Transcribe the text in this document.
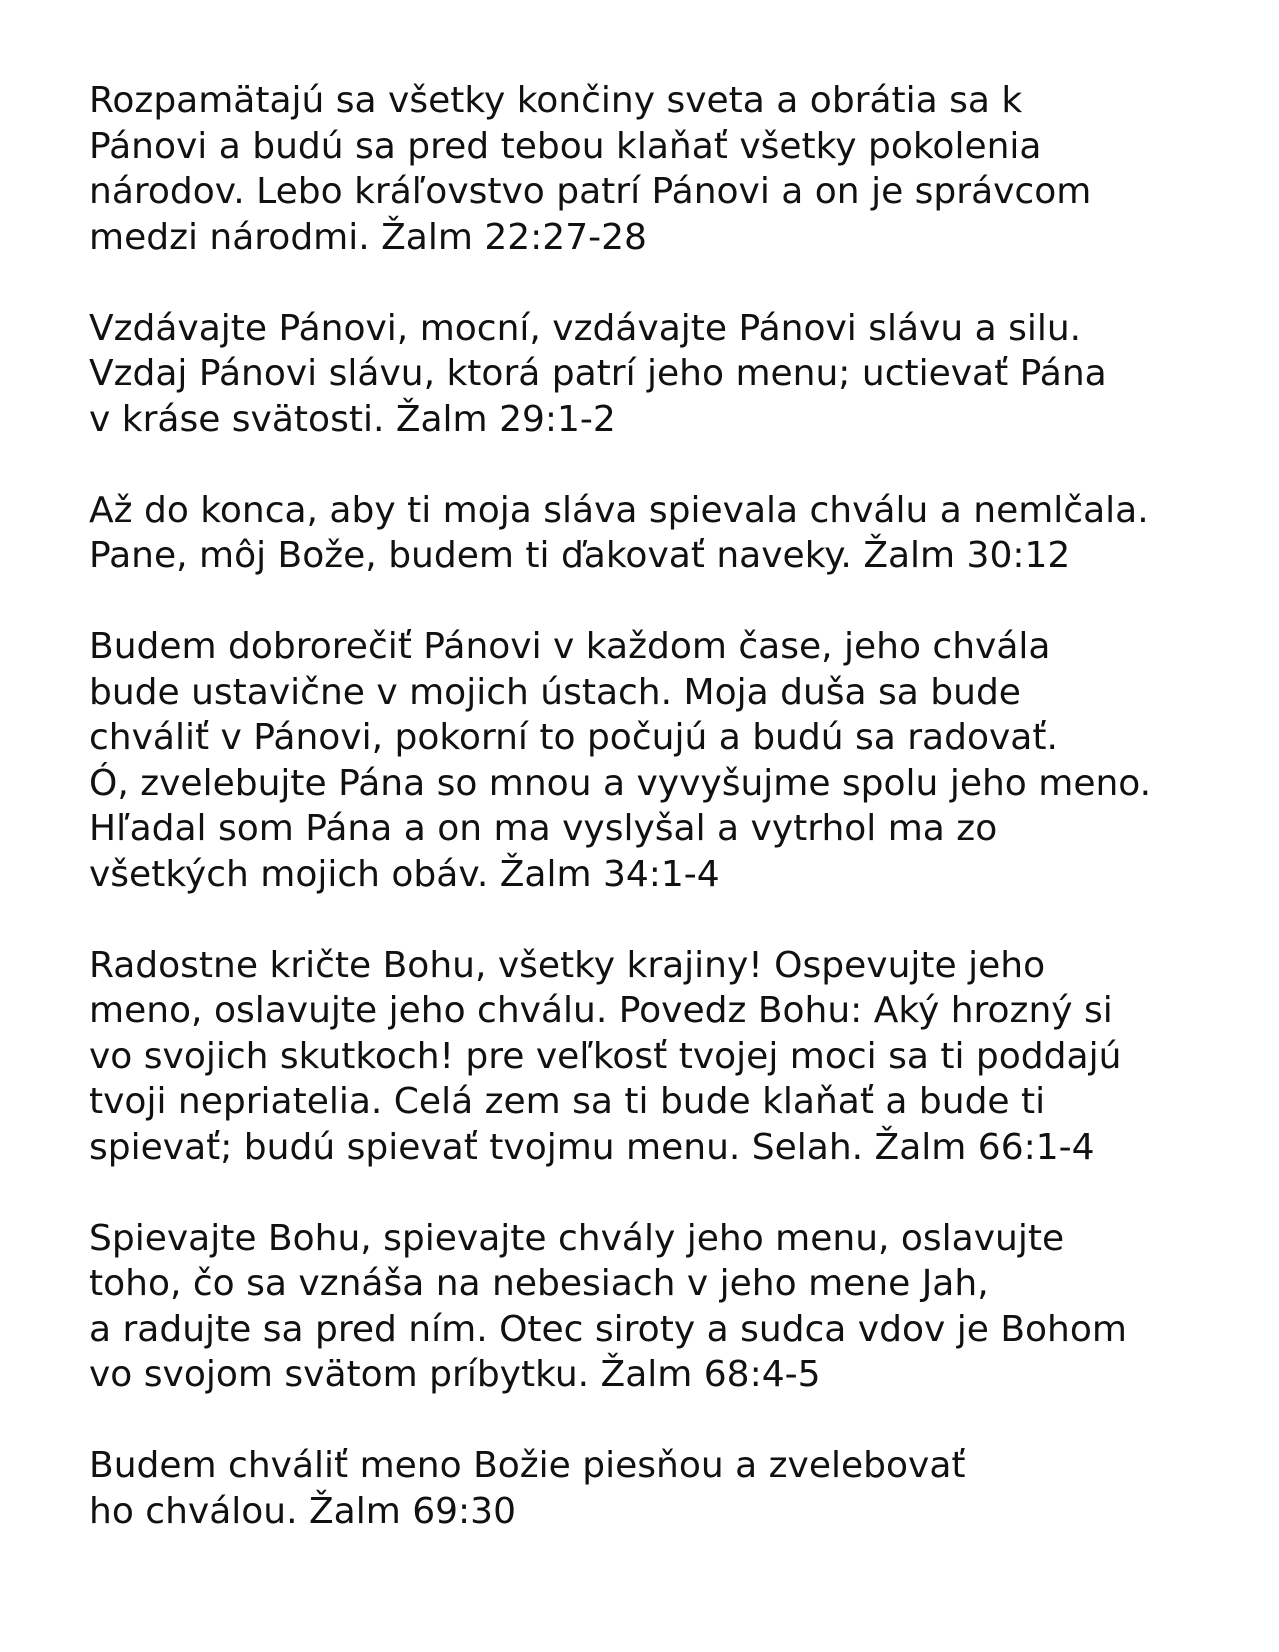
Rozpamätajú sa všetky končiny sveta a obrátia sa k
Pánovi a budú sa pred tebou klaňať všetky pokolenia
národov. Lebo kráľovstvo patrí Pánovi a on je správcom
medzi národmi. Žalm 22:27-28

Vzdávajte Pánovi, mocní, vzdávajte Pánovi slávu a silu.
Vzdaj Pánovi slávu, ktorá patrí jeho menu; uctievať Pána
v kráse svätosti. Žalm 29:1-2

Až do konca, aby ti moja sláva spievala chválu a nemlčala.
Pane, môj Bože, budem ti ďakovať naveky. Žalm 30:12

Budem dobrorečiť Pánovi v každom čase, jeho chvála
bude ustavične v mojich ústach. Moja duša sa bude
chváliť v Pánovi, pokorní to počujú a budú sa radovať.
Ó, zvelebujte Pána so mnou a vyvyšujme spolu jeho meno.
Hľadal som Pána a on ma vyslyšal a vytrhol ma zo
všetkých mojich obáv. Žalm 34:1-4

Radostne kričte Bohu, všetky krajiny! Ospevujte jeho
meno, oslavujte jeho chválu. Povedz Bohu: Aký hrozný si
vo svojich skutkoch! pre veľkosť tvojej moci sa ti poddajú
tvoji nepriatelia. Celá zem sa ti bude klaňať a bude ti
spievať; budú spievať tvojmu menu. Selah. Žalm 66:1-4

Spievajte Bohu, spievajte chvály jeho menu, oslavujte
toho, čo sa vznáša na nebesiach v jeho mene Jah,
a radujte sa pred ním. Otec siroty a sudca vdov je Bohom
vo svojom svätom príbytku. Žalm 68:4-5

Budem chváliť meno Božie piesňou a zvelebovať
ho chválou. Žalm 69:30
